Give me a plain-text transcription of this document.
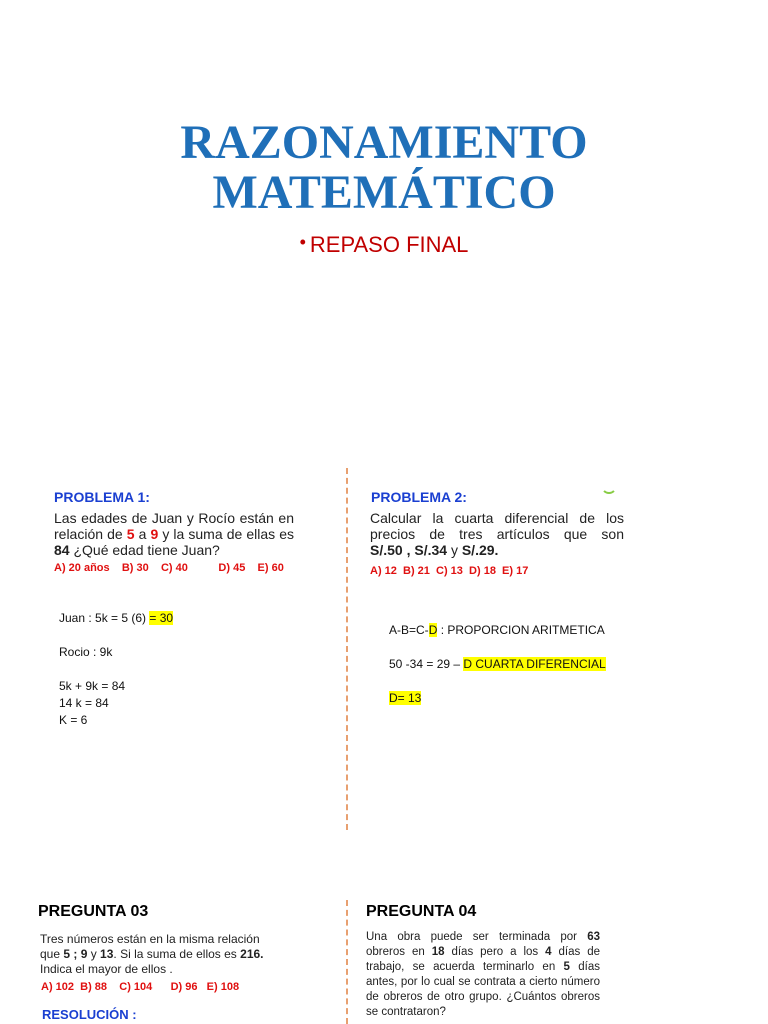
RAZONAMIENTO
MATEMÁTICO
• REPASO FINAL
PROBLEMA 1:
Las edades de Juan y Rocío están en
relación de 5 a 9 y la suma de ellas es
84 ¿Qué edad tiene Juan?
A) 20 años    B) 30    C) 40          D) 45    E) 60
Juan : 5k = 5 (6) = 30
Rocio : 9k
5k + 9k = 84
14 k = 84
K = 6
PROBLEMA 2:
Calcular la cuarta diferencial de los
precios de tres artículos que son
S/.50 , S/.34 y S/.29.
A) 12  B) 21  C) 13  D) 18  E) 17
A-B=C-D : PROPORCION ARITMETICA
50 -34 = 29 – D CUARTA DIFERENCIAL
D= 13
PREGUNTA 03
Tres números están en la misma relación
que 5 ; 9 y 13. Si la suma de ellos es 216.
Indica el mayor de ellos .
A) 102  B) 88    C) 104      D) 96   E) 108
RESOLUCIÓN :
PREGUNTA 04
Una obra puede ser terminada por 63
obreros en 18 días pero a los 4 días de
trabajo, se acuerda terminarlo en 5 días
antes, por lo cual se contrata a cierto número
de obreros de otro grupo. ¿Cuántos obreros
se contrataron?
